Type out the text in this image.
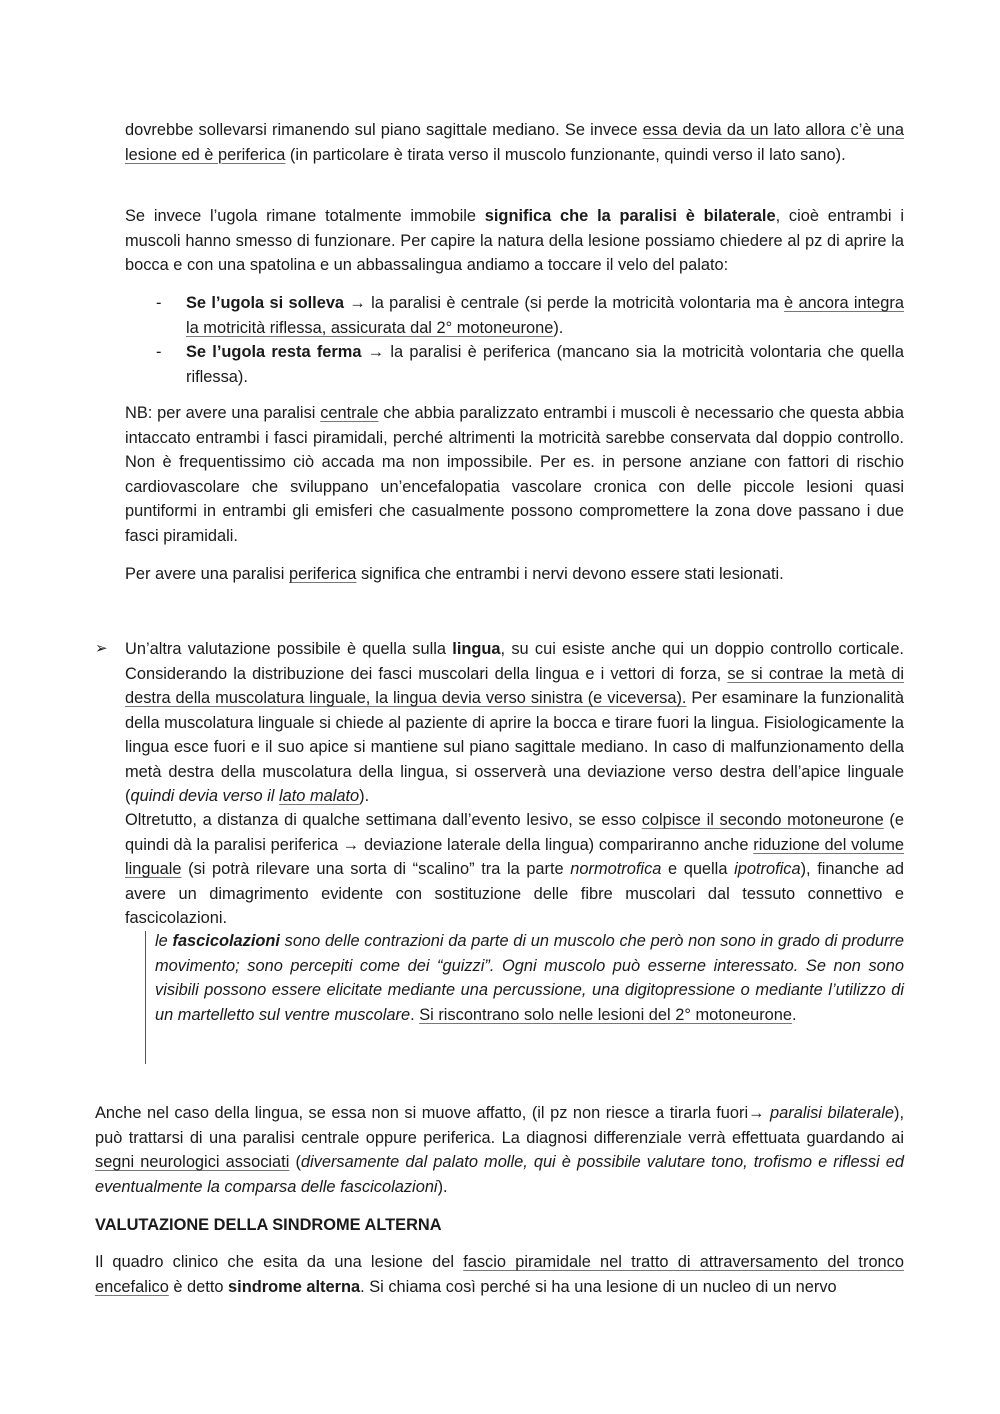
dovrebbe sollevarsi rimanendo sul piano sagittale mediano. Se invece essa devia da un lato allora c’è una lesione ed è periferica (in particolare è tirata verso il muscolo funzionante, quindi verso il lato sano).

Se invece l’ugola rimane totalmente immobile significa che la paralisi è bilaterale, cioè entrambi i muscoli hanno smesso di funzionare. Per capire la natura della lesione possiamo chiedere al pz di aprire la bocca e con una spatolina e un abbassalingua andiamo a toccare il velo del palato:

- Se l’ugola si solleva → la paralisi è centrale (si perde la motricità volontaria ma è ancora integra la motricità riflessa, assicurata dal 2° motoneurone).

- Se l’ugola resta ferma → la paralisi è periferica (mancano sia la motricità volontaria che quella riflessa).

NB: per avere una paralisi centrale che abbia paralizzato entrambi i muscoli è necessario che questa abbia intaccato entrambi i fasci piramidali, perché altrimenti la motricità sarebbe conservata dal doppio controllo. Non è frequentissimo ciò accada ma non impossibile. Per es. in persone anziane con fattori di rischio cardiovascolare che sviluppano un’encefalopatia vascolare cronica con delle piccole lesioni quasi puntiformi in entrambi gli emisferi che casualmente possono compromettere la zona dove passano i due fasci piramidali.

Per avere una paralisi periferica significa che entrambi i nervi devono essere stati lesionati.

➢ Un’altra valutazione possibile è quella sulla lingua, su cui esiste anche qui un doppio controllo corticale. Considerando la distribuzione dei fasci muscolari della lingua e i vettori di forza, se si contrae la metà di destra della muscolatura linguale, la lingua devia verso sinistra (e viceversa). Per esaminare la funzionalità della muscolatura linguale si chiede al paziente di aprire la bocca e tirare fuori la lingua. Fisiologicamente la lingua esce fuori e il suo apice si mantiene sul piano sagittale mediano. In caso di malfunzionamento della metà destra della muscolatura della lingua, si osserverà una deviazione verso destra dell’apice linguale (quindi devia verso il lato malato).

Oltretutto, a distanza di qualche settimana dall’evento lesivo, se esso colpisce il secondo motoneurone (e quindi dà la paralisi periferica → deviazione laterale della lingua) compariranno anche riduzione del volume linguale (si potrà rilevare una sorta di “scalino” tra la parte normotrofica e quella ipotrofica), finanche ad avere un dimagrimento evidente con sostituzione delle fibre muscolari dal tessuto connettivo e fascicolazioni.

le fascicolazioni sono delle contrazioni da parte di un muscolo che però non sono in grado di produrre movimento; sono percepiti come dei “guizzi”. Ogni muscolo può esserne interessato. Se non sono visibili possono essere elicitate mediante una percussione, una digitopressione o mediante l’utilizzo di un martelletto sul ventre muscolare. Si riscontrano solo nelle lesioni del 2° motoneurone.

Anche nel caso della lingua, se essa non si muove affatto, (il pz non riesce a tirarla fuori→ paralisi bilaterale), può trattarsi di una paralisi centrale oppure periferica. La diagnosi differenziale verrà effettuata guardando ai segni neurologici associati (diversamente dal palato molle, qui è possibile valutare tono, trofismo e riflessi ed eventualmente la comparsa delle fascicolazioni).

VALUTAZIONE DELLA SINDROME ALTERNA

Il quadro clinico che esita da una lesione del fascio piramidale nel tratto di attraversamento del tronco encefalico è detto sindrome alterna. Si chiama così perché si ha una lesione di un nucleo di un nervo
